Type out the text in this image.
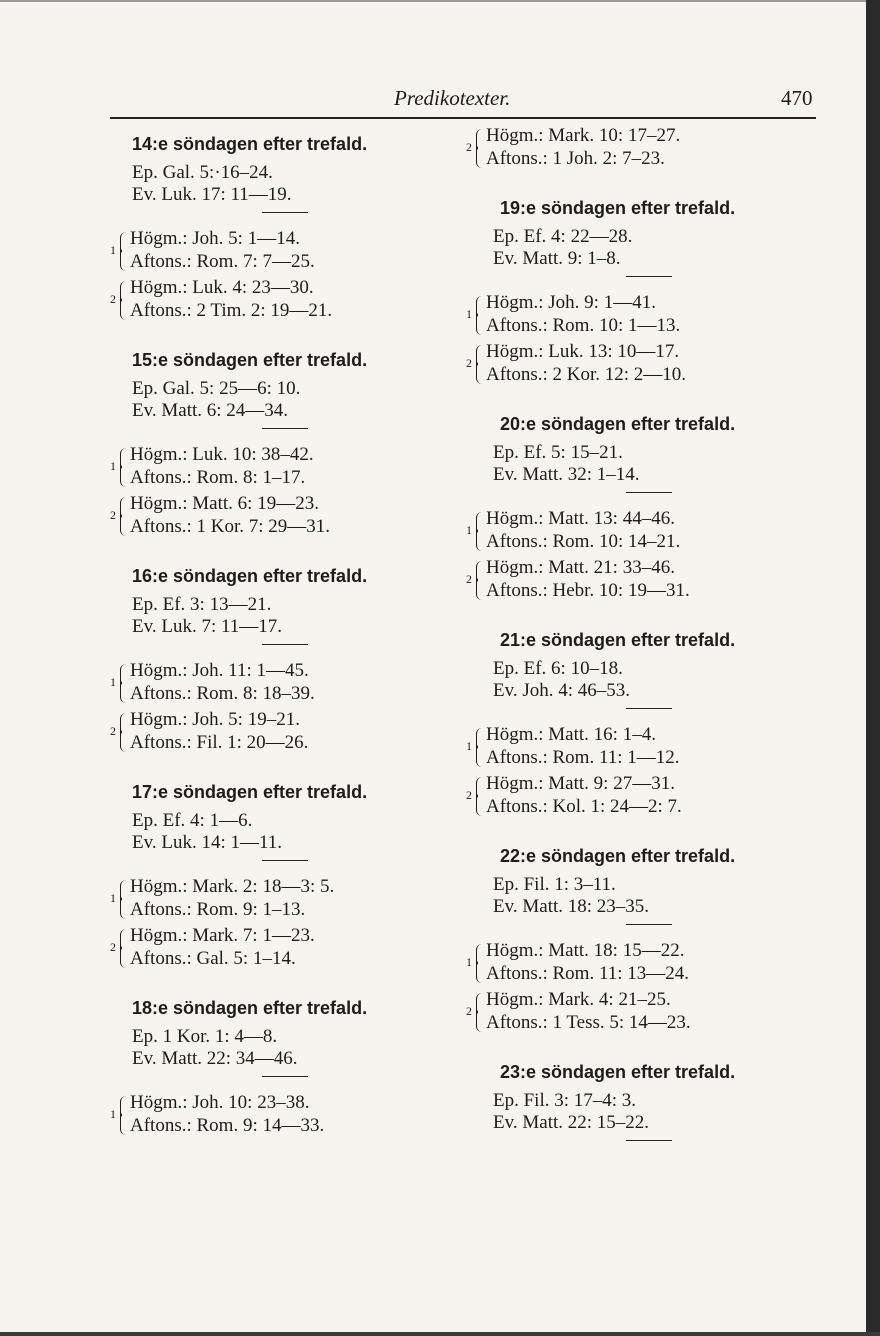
Predikotexter.	470
14:e söndagen efter trefald.
Ep. Gal. 5:·16–24.
Ev. Luk. 17: 11—19.
1
Högm.: Joh. 5: 1—14.
Aftons.: Rom. 7: 7—25.
2
Högm.: Luk. 4: 23—30.
Aftons.: 2 Tim. 2: 19—21.
15:e söndagen efter trefald.
Ep. Gal. 5: 25—6: 10.
Ev. Matt. 6: 24—34.
1
Högm.: Luk. 10: 38–42.
Aftons.: Rom. 8: 1–17.
2
Högm.: Matt. 6: 19—23.
Aftons.: 1 Kor. 7: 29—31.
16:e söndagen efter trefald.
Ep. Ef. 3: 13—21.
Ev. Luk. 7: 11—17.
1
Högm.: Joh. 11: 1—45.
Aftons.: Rom. 8: 18–39.
2
Högm.: Joh. 5: 19–21.
Aftons.: Fil. 1: 20—26.
17:e söndagen efter trefald.
Ep. Ef. 4: 1—6.
Ev. Luk. 14: 1—11.
1
Högm.: Mark. 2: 18—3: 5.
Aftons.: Rom. 9: 1–13.
2
Högm.: Mark. 7: 1—23.
Aftons.: Gal. 5: 1–14.
18:e söndagen efter trefald.
Ep. 1 Kor. 1: 4—8.
Ev. Matt. 22: 34—46.
1
Högm.: Joh. 10: 23–38.
Aftons.: Rom. 9: 14—33.
2
Högm.: Mark. 10: 17–27.
Aftons.: 1 Joh. 2: 7–23.
19:e söndagen efter trefald.
Ep. Ef. 4: 22—28.
Ev. Matt. 9: 1–8.
1
Högm.: Joh. 9: 1—41.
Aftons.: Rom. 10: 1—13.
2
Högm.: Luk. 13: 10—17.
Aftons.: 2 Kor. 12: 2—10.
20:e söndagen efter trefald.
Ep. Ef. 5: 15–21.
Ev. Matt. 32: 1–14.
1
Högm.: Matt. 13: 44–46.
Aftons.: Rom. 10: 14–21.
2
Högm.: Matt. 21: 33–46.
Aftons.: Hebr. 10: 19—31.
21:e söndagen efter trefald.
Ep. Ef. 6: 10–18.
Ev. Joh. 4: 46–53.
1
Högm.: Matt. 16: 1–4.
Aftons.: Rom. 11: 1—12.
2
Högm.: Matt. 9: 27—31.
Aftons.: Kol. 1: 24—2: 7.
22:e söndagen efter trefald.
Ep. Fil. 1: 3–11.
Ev. Matt. 18: 23–35.
1
Högm.: Matt. 18: 15—22.
Aftons.: Rom. 11: 13—24.
2
Högm.: Mark. 4: 21–25.
Aftons.: 1 Tess. 5: 14—23.
23:e söndagen efter trefald.
Ep. Fil. 3: 17–4: 3.
Ev. Matt. 22: 15–22.
